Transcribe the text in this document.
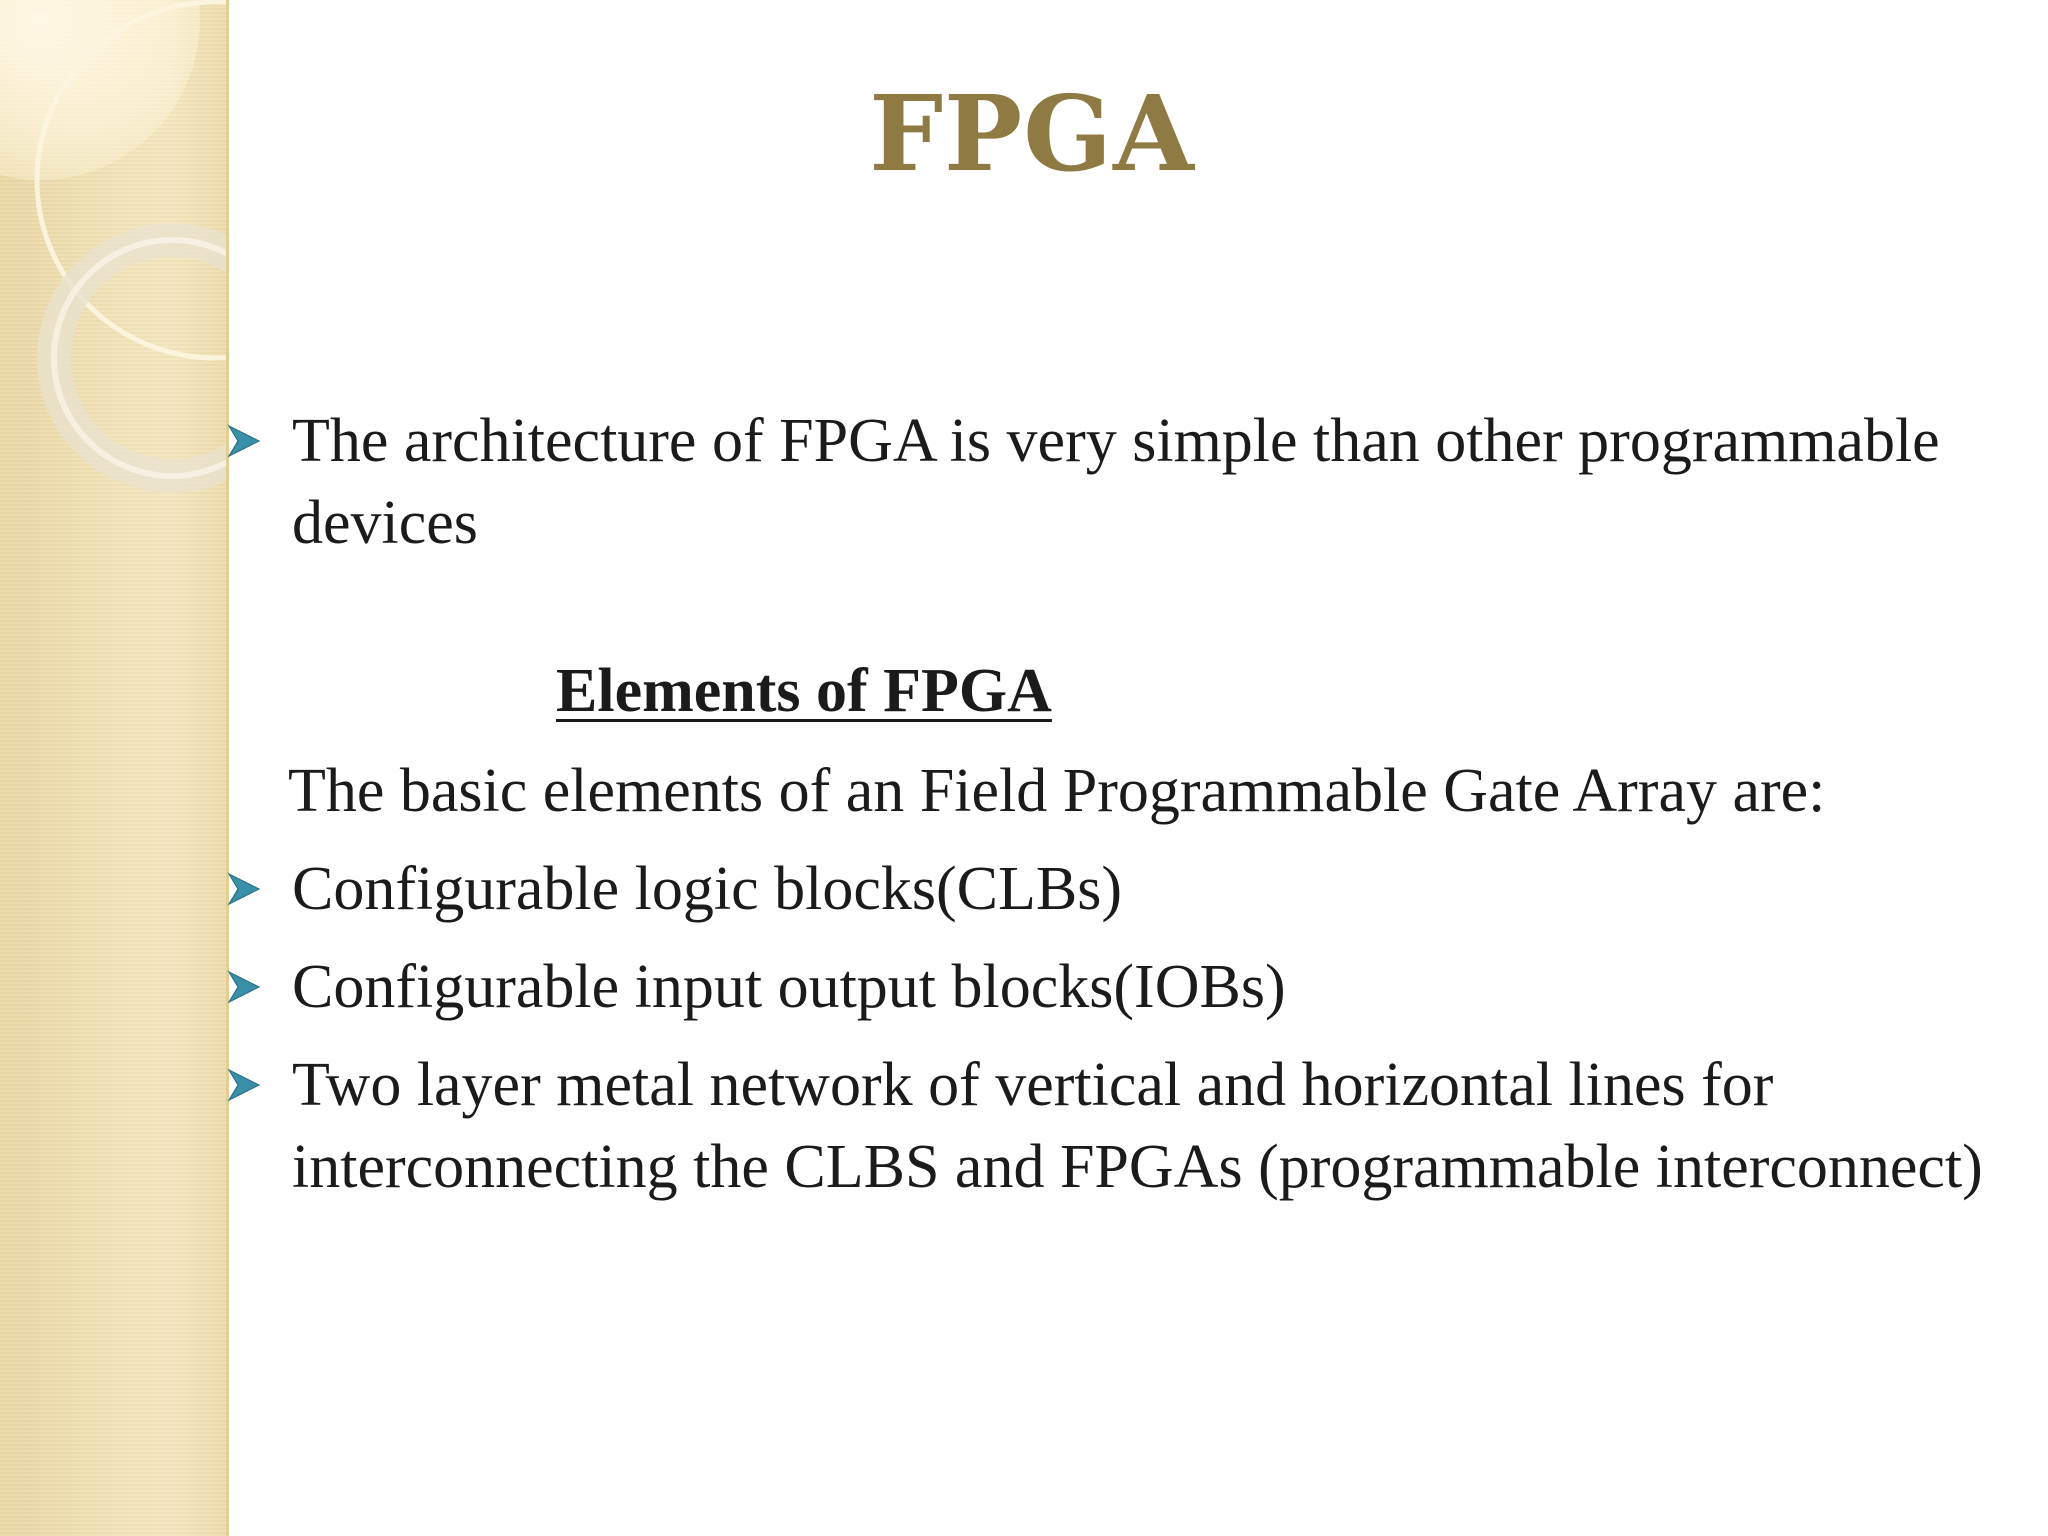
FPGA
The architecture of FPGA is very simple than other programmable devices
Elements of FPGA
The basic elements of an Field Programmable Gate Array are:
Configurable logic blocks(CLBs)
Configurable input output blocks(IOBs)
Two layer metal network of vertical and horizontal lines for interconnecting the CLBS and FPGAs (programmable interconnect)
